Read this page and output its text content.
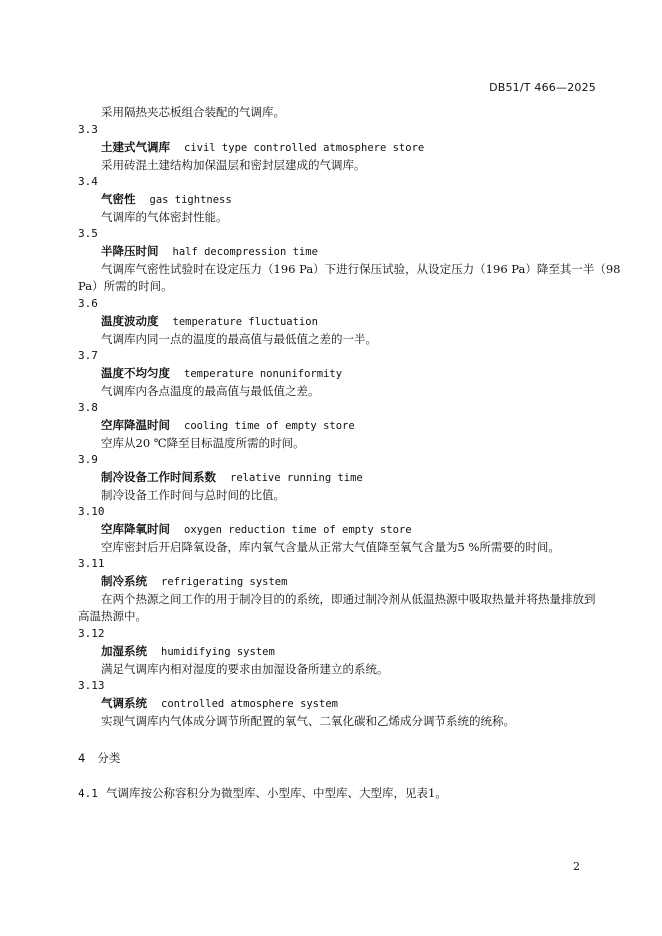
DB51/T 466—2025
采用隔热夹芯板组合装配的气调库。
3.3
土建式气调库 civil type controlled atmosphere store
采用砖混土建结构加保温层和密封层建成的气调库。
3.4
气密性 gas tightness
气调库的气体密封性能。
3.5
半降压时间 half decompression time
气调库气密性试验时在设定压力（196 Pa）下进行保压试验，从设定压力（196 Pa）降至其一半（98
Pa）所需的时间。
3.6
温度波动度 temperature fluctuation
气调库内同一点的温度的最高值与最低值之差的一半。
3.7
温度不均匀度 temperature nonuniformity
气调库内各点温度的最高值与最低值之差。
3.8
空库降温时间 cooling time of empty store
空库从20 ℃降至目标温度所需的时间。
3.9
制冷设备工作时间系数 relative running time
制冷设备工作时间与总时间的比值。
3.10
空库降氧时间 oxygen reduction time of empty store
空库密封后开启降氧设备，库内氧气含量从正常大气值降至氧气含量为5 %所需要的时间。
3.11
制冷系统 refrigerating system
在两个热源之间工作的用于制冷目的的系统，即通过制冷剂从低温热源中吸取热量并将热量排放到
高温热源中。
3.12
加湿系统 humidifying system
满足气调库内相对湿度的要求由加湿设备所建立的系统。
3.13
气调系统 controlled atmosphere system
实现气调库内气体成分调节所配置的氧气、二氧化碳和乙烯成分调节系统的统称。
4 分类
4.1 气调库按公称容积分为微型库、小型库、中型库、大型库，见表1。
2
